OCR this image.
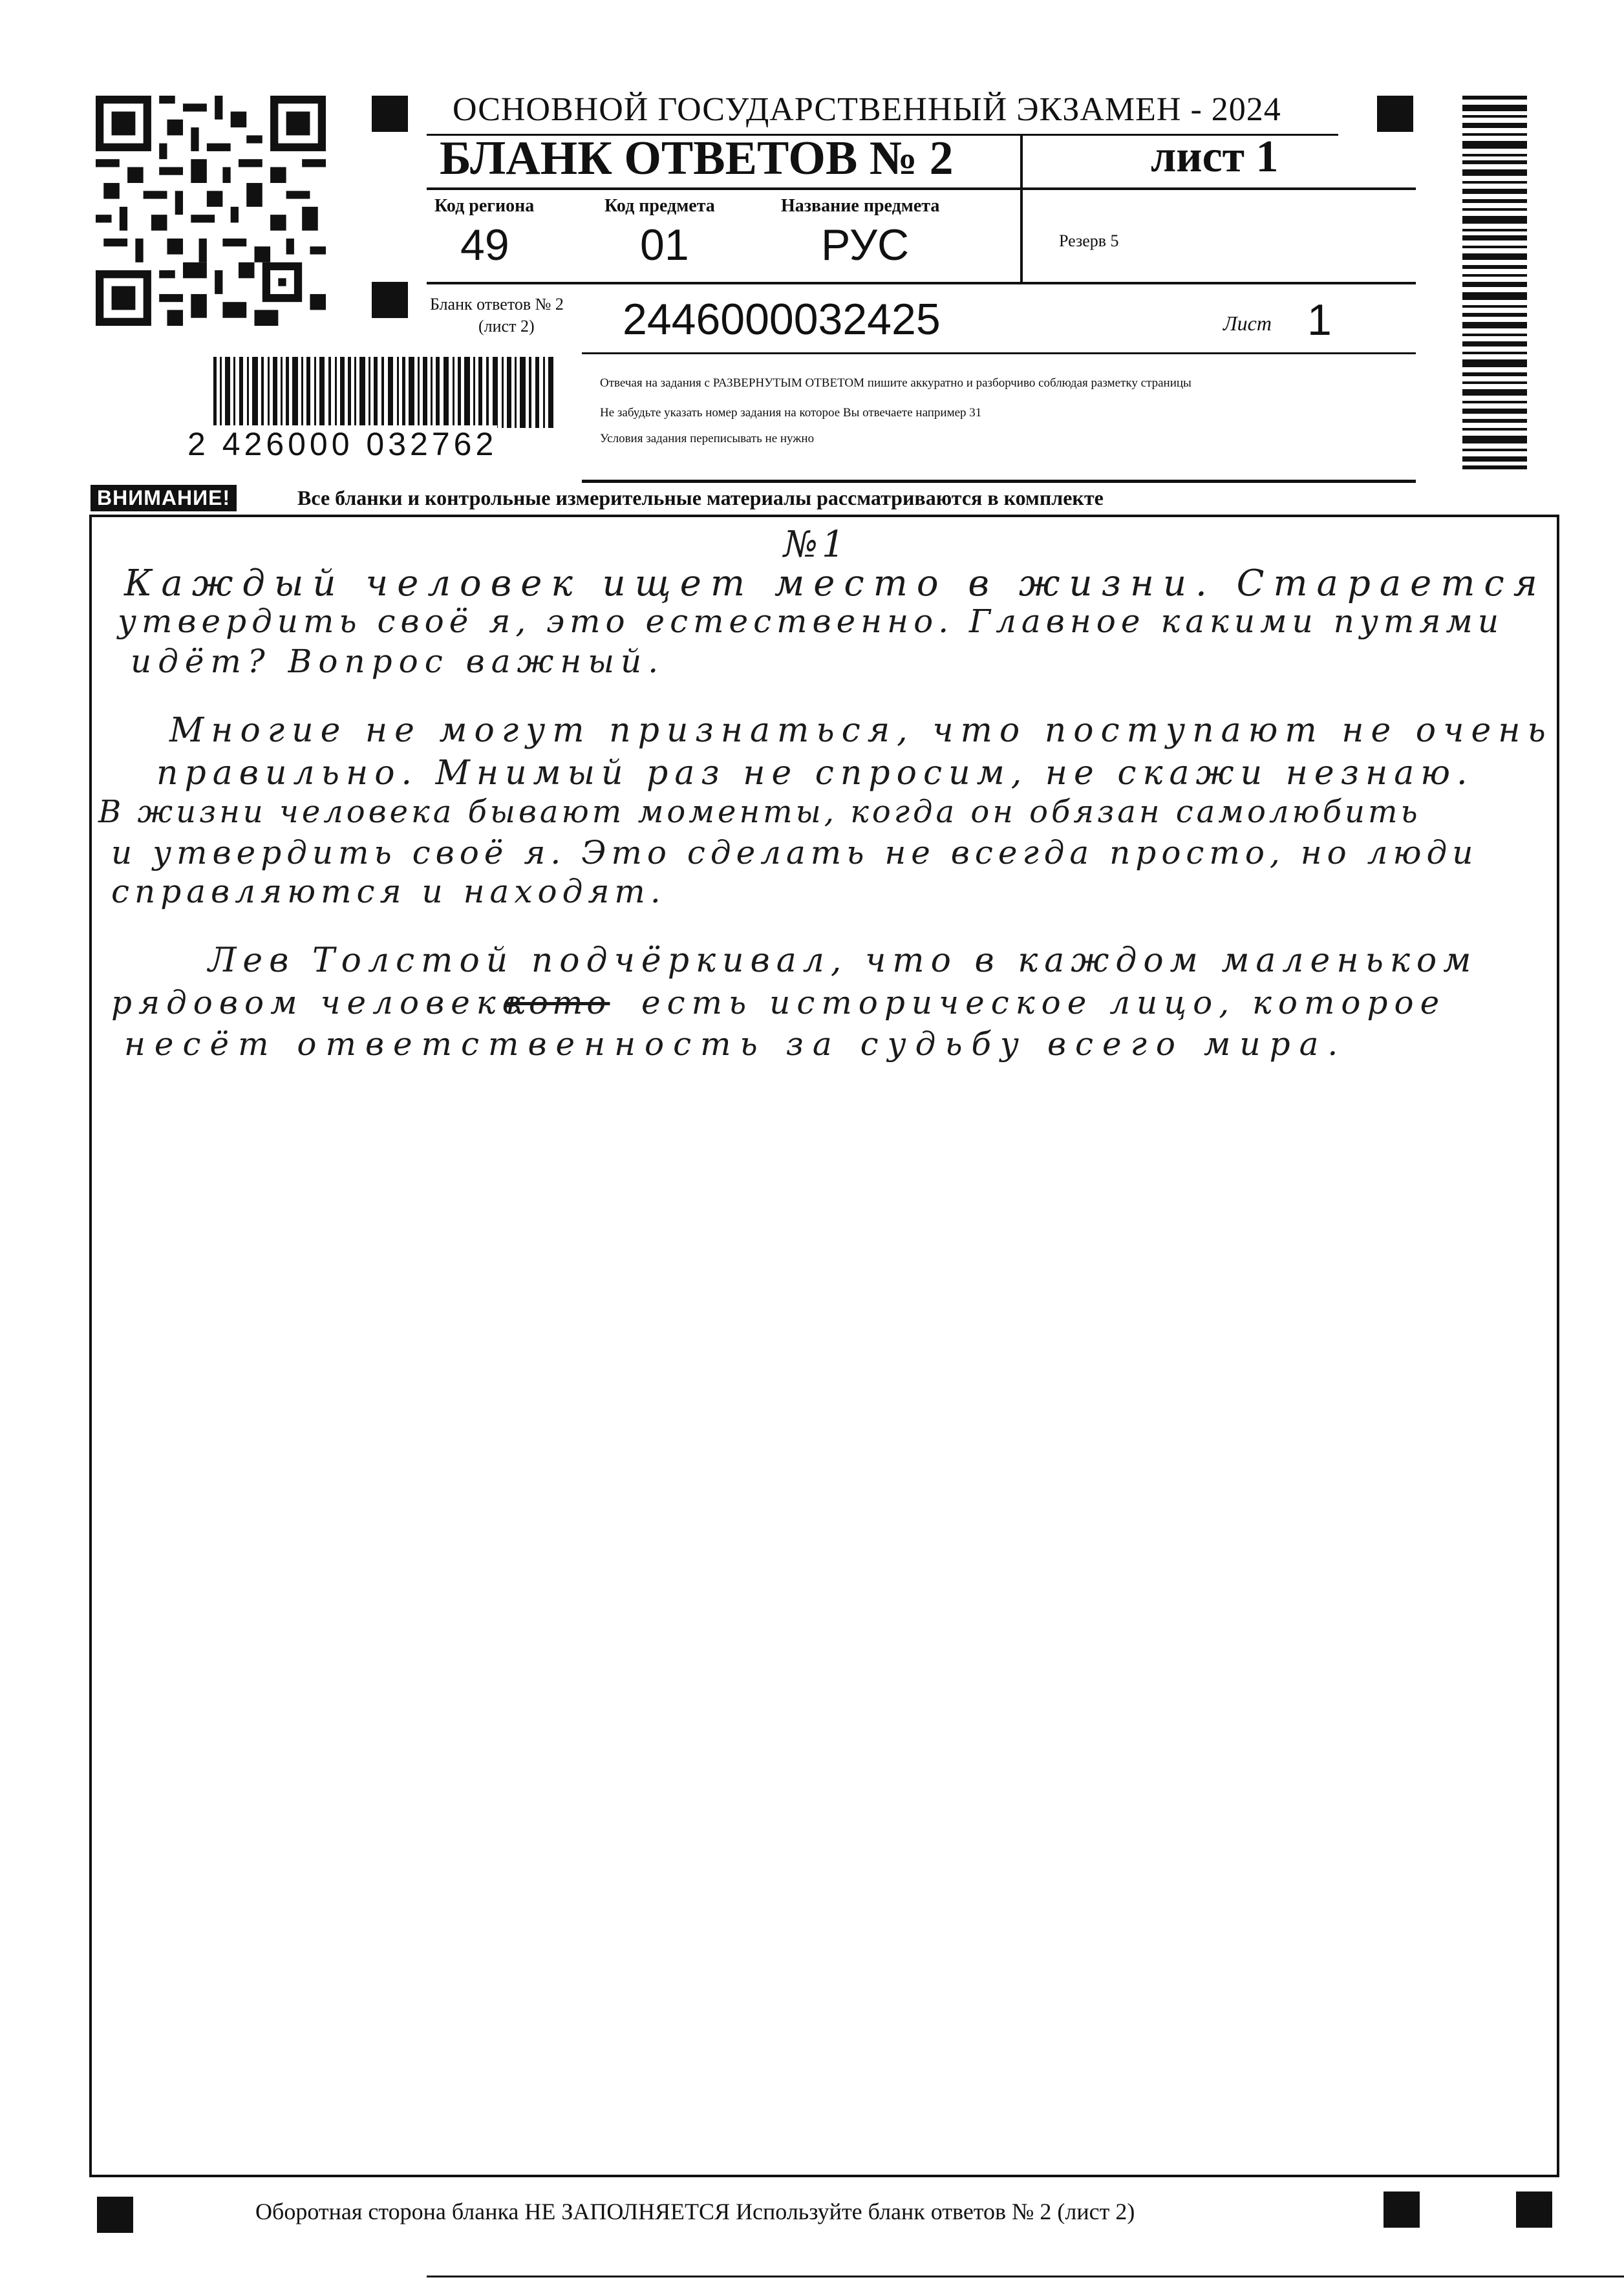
ОСНОВНОЙ ГОСУДАРСТВЕННЫЙ ЭКЗАМЕН - 2024
БЛАНК ОТВЕТОВ № 2	лист 1
Код региона
49
Код предмета
01
Название предмета
РУС	Резерв 5
Бланк ответов № 2
(лист 2) 2446000032425	Лист 1
2 426000 032762
Отвечая на задания с РАЗВЕРНУТЫМ ОТВЕТОМ пишите аккуратно и разборчиво соблюдая разметку страницы
Не забудьте указать номер задания на которое Вы отвечаете например 31
Условия задания переписывать не нужно
ВНИМАНИЕ!	Все бланки и контрольные измерительные материалы рассматриваются в комплекте
№1
Каждый человек ищет место в жизни. Старается
утвердить своё я, это естественно. Главное какими путями
идёт? Вопрос важный.
Многие не могут признаться, что поступают не очень
правильно. Мнимый раз не спросим, не скажи незнаю.
В жизни человека бывают моменты, когда он обязан самолюбить
и утвердить своё я. Это сделать не всегда просто, но люди
справляются и находят.
Лев Толстой подчёркивал, что в каждом маленьком
рядовом человеке
кото есть историческое лицо, которое
несёт ответственность за судьбу всего мира.
Оборотная сторона бланка НЕ ЗАПОЛНЯЕТСЯ Используйте бланк ответов № 2 (лист 2)
